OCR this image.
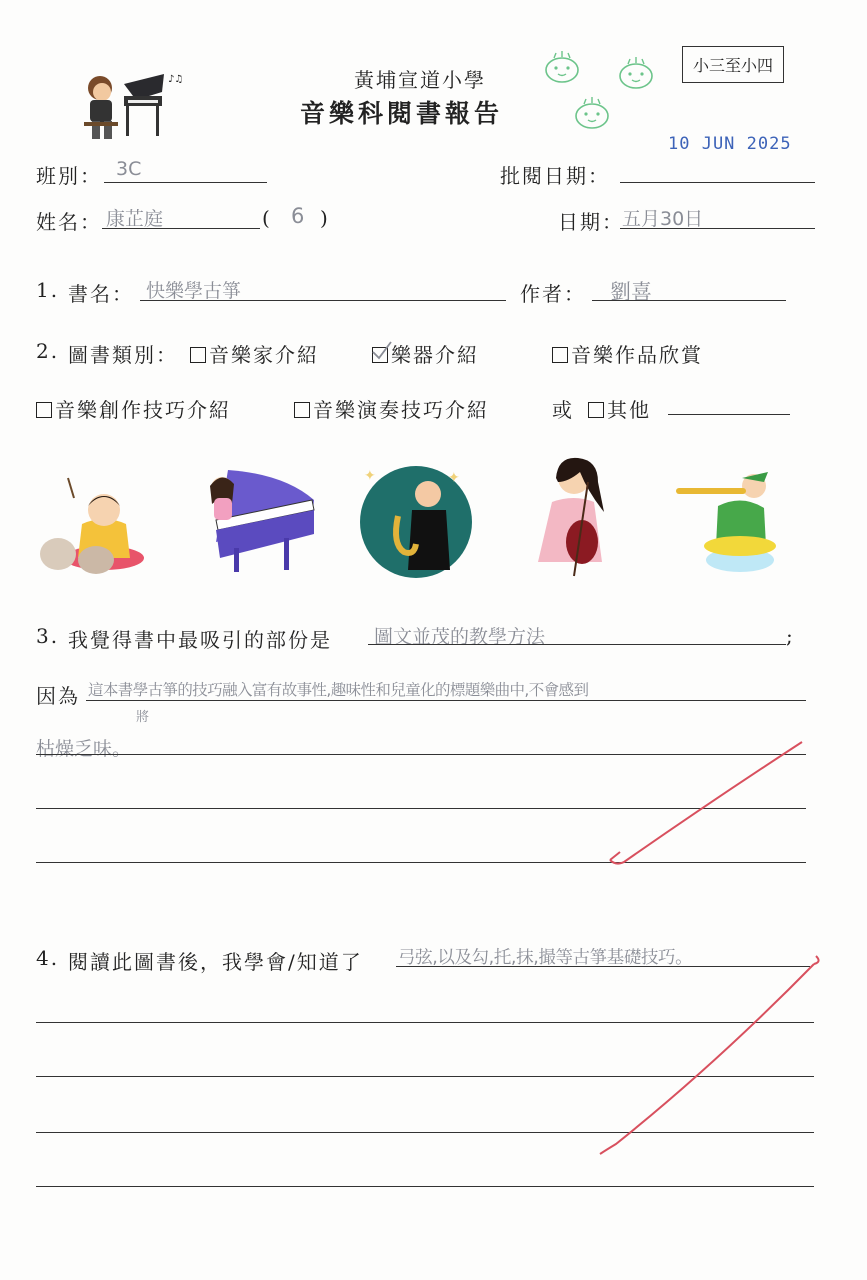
♪♫	黃埔宣道小學
音樂科閱書報告
小三至小四
10 JUN 2025
班別： 3C	批閱日期：
姓名： 康芷庭	( 6 )	日期：
五月30日
1. 書名： 快樂學古箏	作者： 劉喜
2. 圖書類別：	音樂家介紹	樂器介紹	音樂作品欣賞
音樂創作技巧介紹	音樂演奏技巧介紹	或	其他
✦	✦
3. 我覺得書中最吸引的部份是 圖文並茂的教學方法	;
因為 這本書學古箏的技巧融入富有故事性,趣味性和兒童化的標題樂曲中,不會感到
將
枯燥乏味。
4. 閱讀此圖書後，我學會/知道了 弓弦,以及勾,托,抹,撮等古箏基礎技巧。
